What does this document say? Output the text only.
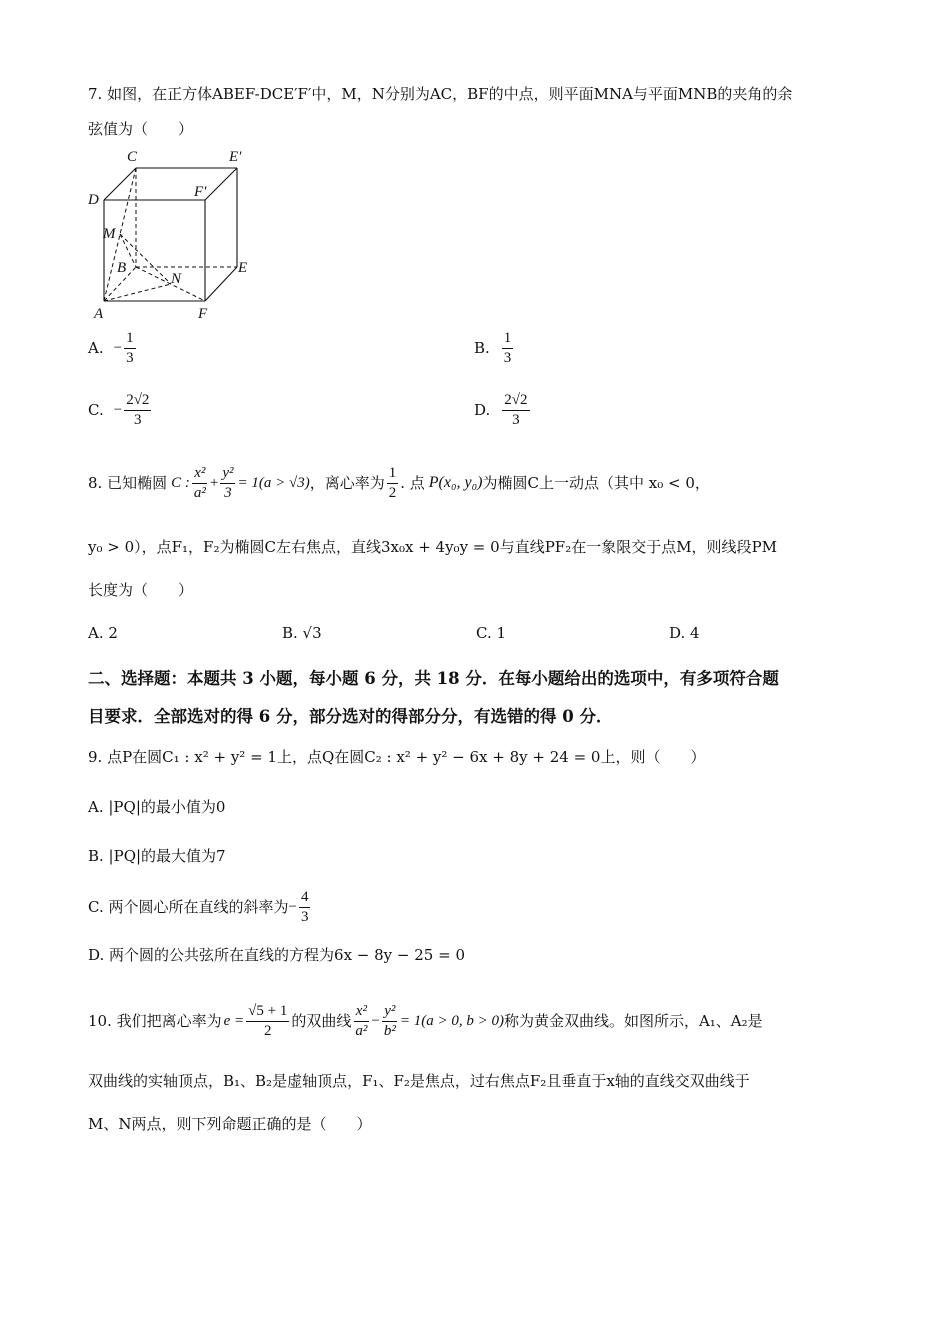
7. 如图，在正方体ABEF-DCE′F′中，M，N分别为AC，BF的中点，则平面MNA与平面MNB的夹角的余
弦值为（　　）
C	E′
D	F′
M
B
N
E
A	F
A. − $\frac{1}{3}$	B. $\frac{1}{3}$
C. − $\frac{2√2}{3}$	D. $\frac{2√2}{3}$
8. 已知椭圆 C : $\frac{\text{x²}}{\text{a²}} + \frac{\text{y²}}{3} = 1(a > √3)$ ，离心率为 $\frac{1}{2}$ . 点 P(x₀, y₀) 为椭圆C上一动点（其中 x₀ < 0，
y₀ > 0），点F₁，F₂为椭圆C左右焦点，直线3x₀x + 4y₀y = 0与直线PF₂在一象限交于点M，则线段PM
长度为（　　）
A. 2	B. √3	C. 1	D. 4
二、选择题：本题共 3 小题，每小题 6 分，共 18 分．在每小题给出的选项中，有多项符合题
目要求．全部选对的得 6 分，部分选对的得部分分，有选错的得 0 分．
9. 点P在圆C₁ : x² + y² = 1上，点Q在圆C₂ : x² + y² − 6x + 8y + 24 = 0上，则（　　）
A. |PQ|的最小值为0
B. |PQ|的最大值为7
C. 两个圆心所在直线的斜率为 − $\frac{4}{3}$
D. 两个圆的公共弦所在直线的方程为6x − 8y − 25 = 0
10. 我们把离心率为 $e = \frac{√5 + 1}{2}$ 的双曲线 $\frac{\text{x²}}{\text{a²}} - \frac{\text{y²}}{\text{b²}} = 1(a > 0$, b > 0) 称为黄金双曲线。如图所示，A₁、A₂是
双曲线的实轴顶点，B₁、B₂是虚轴顶点，F₁、F₂是焦点，过右焦点F₂且垂直于x轴的直线交双曲线于
M、N两点，则下列命题正确的是（　　）
